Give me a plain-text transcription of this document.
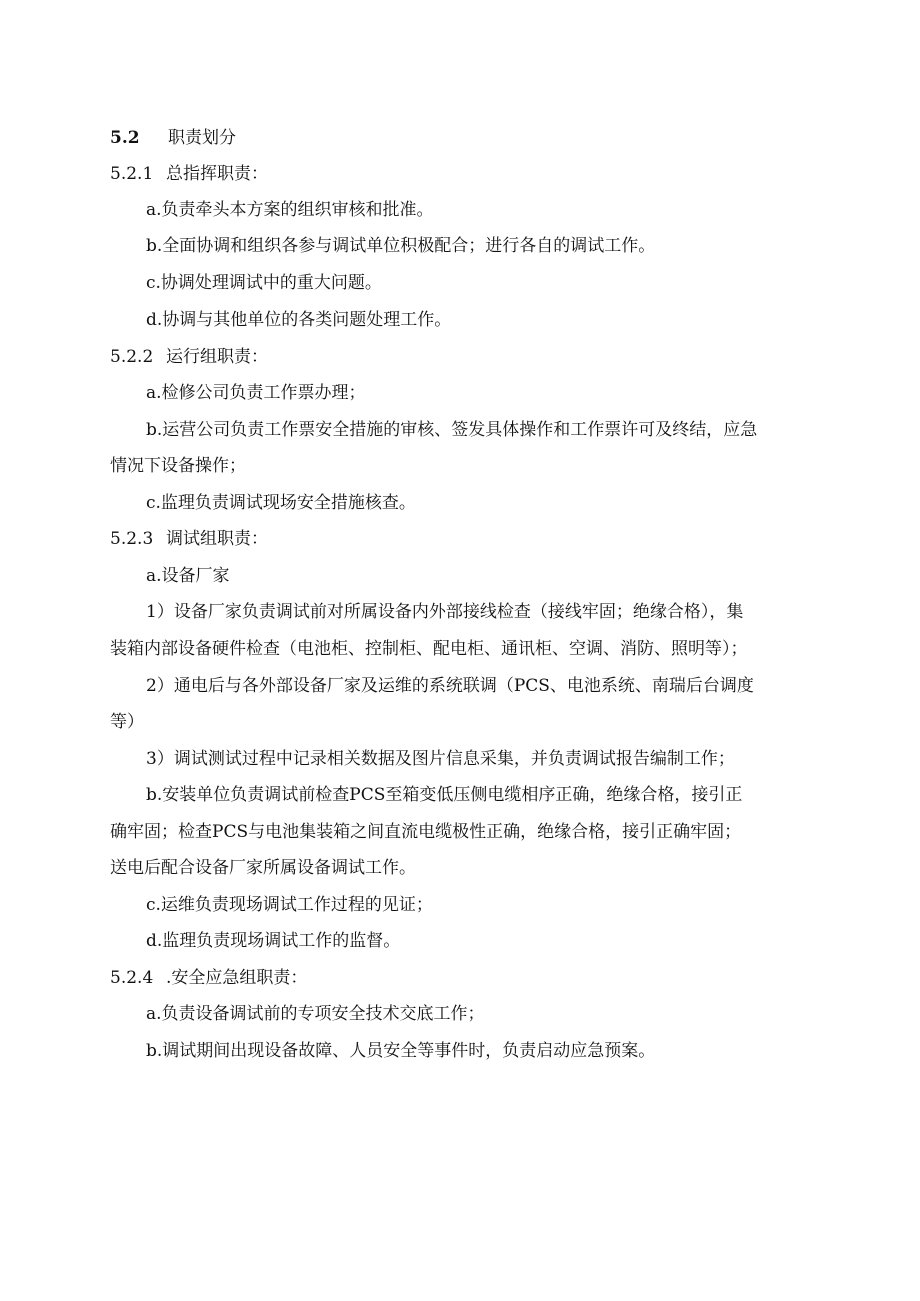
5.2 职责划分
5.2.1 总指挥职责：
a.负责牵头本方案的组织审核和批准。
b.全面协调和组织各参与调试单位积极配合；进行各自的调试工作。
c.协调处理调试中的重大问题。
d.协调与其他单位的各类问题处理工作。
5.2.2 运行组职责：
a.检修公司负责工作票办理；
b.运营公司负责工作票安全措施的审核、签发具体操作和工作票许可及终结，应急
情况下设备操作；
c.监理负责调试现场安全措施核查。
5.2.3 调试组职责：
a.设备厂家
1）设备厂家负责调试前对所属设备内外部接线检查（接线牢固；绝缘合格），集
装箱内部设备硬件检查（电池柜、控制柜、配电柜、通讯柜、空调、消防、照明等）；
2）通电后与各外部设备厂家及运维的系统联调（PCS、电池系统、南瑞后台调度
等）
3）调试测试过程中记录相关数据及图片信息采集，并负责调试报告编制工作；
b.安装单位负责调试前检查PCS至箱变低压侧电缆相序正确，绝缘合格，接引正
确牢固；检查PCS与电池集装箱之间直流电缆极性正确，绝缘合格，接引正确牢固；
送电后配合设备厂家所属设备调试工作。
c.运维负责现场调试工作过程的见证；
d.监理负责现场调试工作的监督。
5.2.4 .安全应急组职责：
a.负责设备调试前的专项安全技术交底工作；
b.调试期间出现设备故障、人员安全等事件时，负责启动应急预案。
